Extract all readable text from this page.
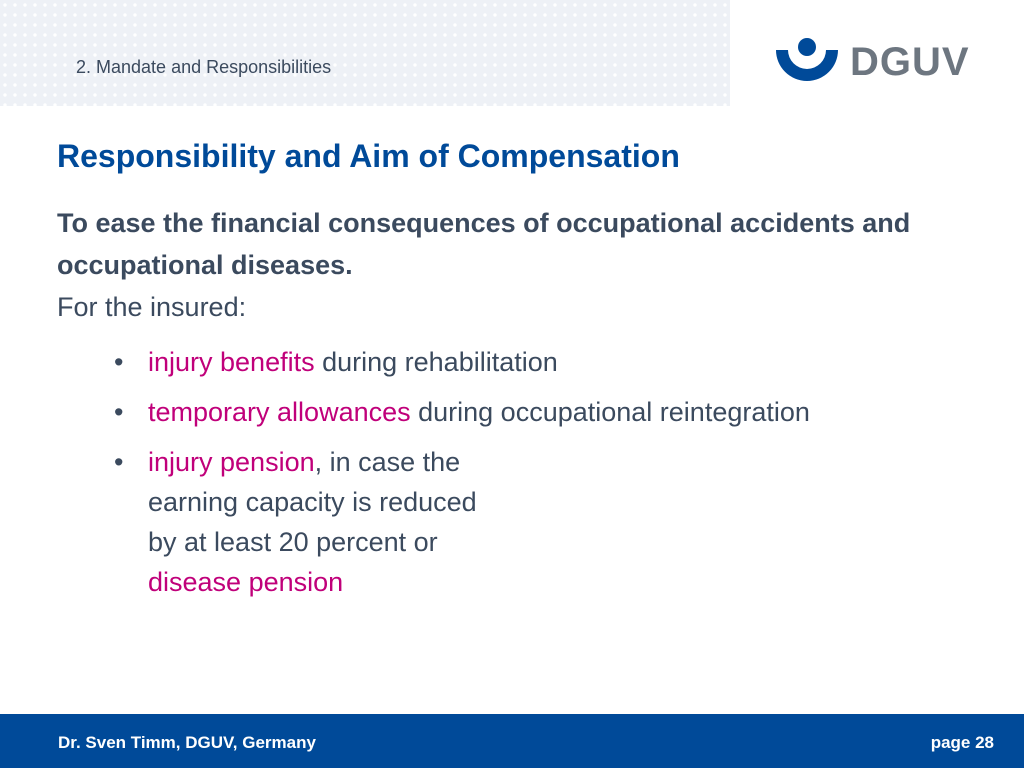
2. Mandate and Responsibilities	DGUV
Responsibility and Aim of Compensation

To ease the financial consequences of occupational accidents and occupational diseases.

For the insured:
• injury benefits during rehabilitation
• temporary allowances during occupational reintegration
• injury pension, in case the
earning capacity is reduced
by at least 20 percent or
disease pension
Dr. Sven Timm, DGUV, Germany	page 28
